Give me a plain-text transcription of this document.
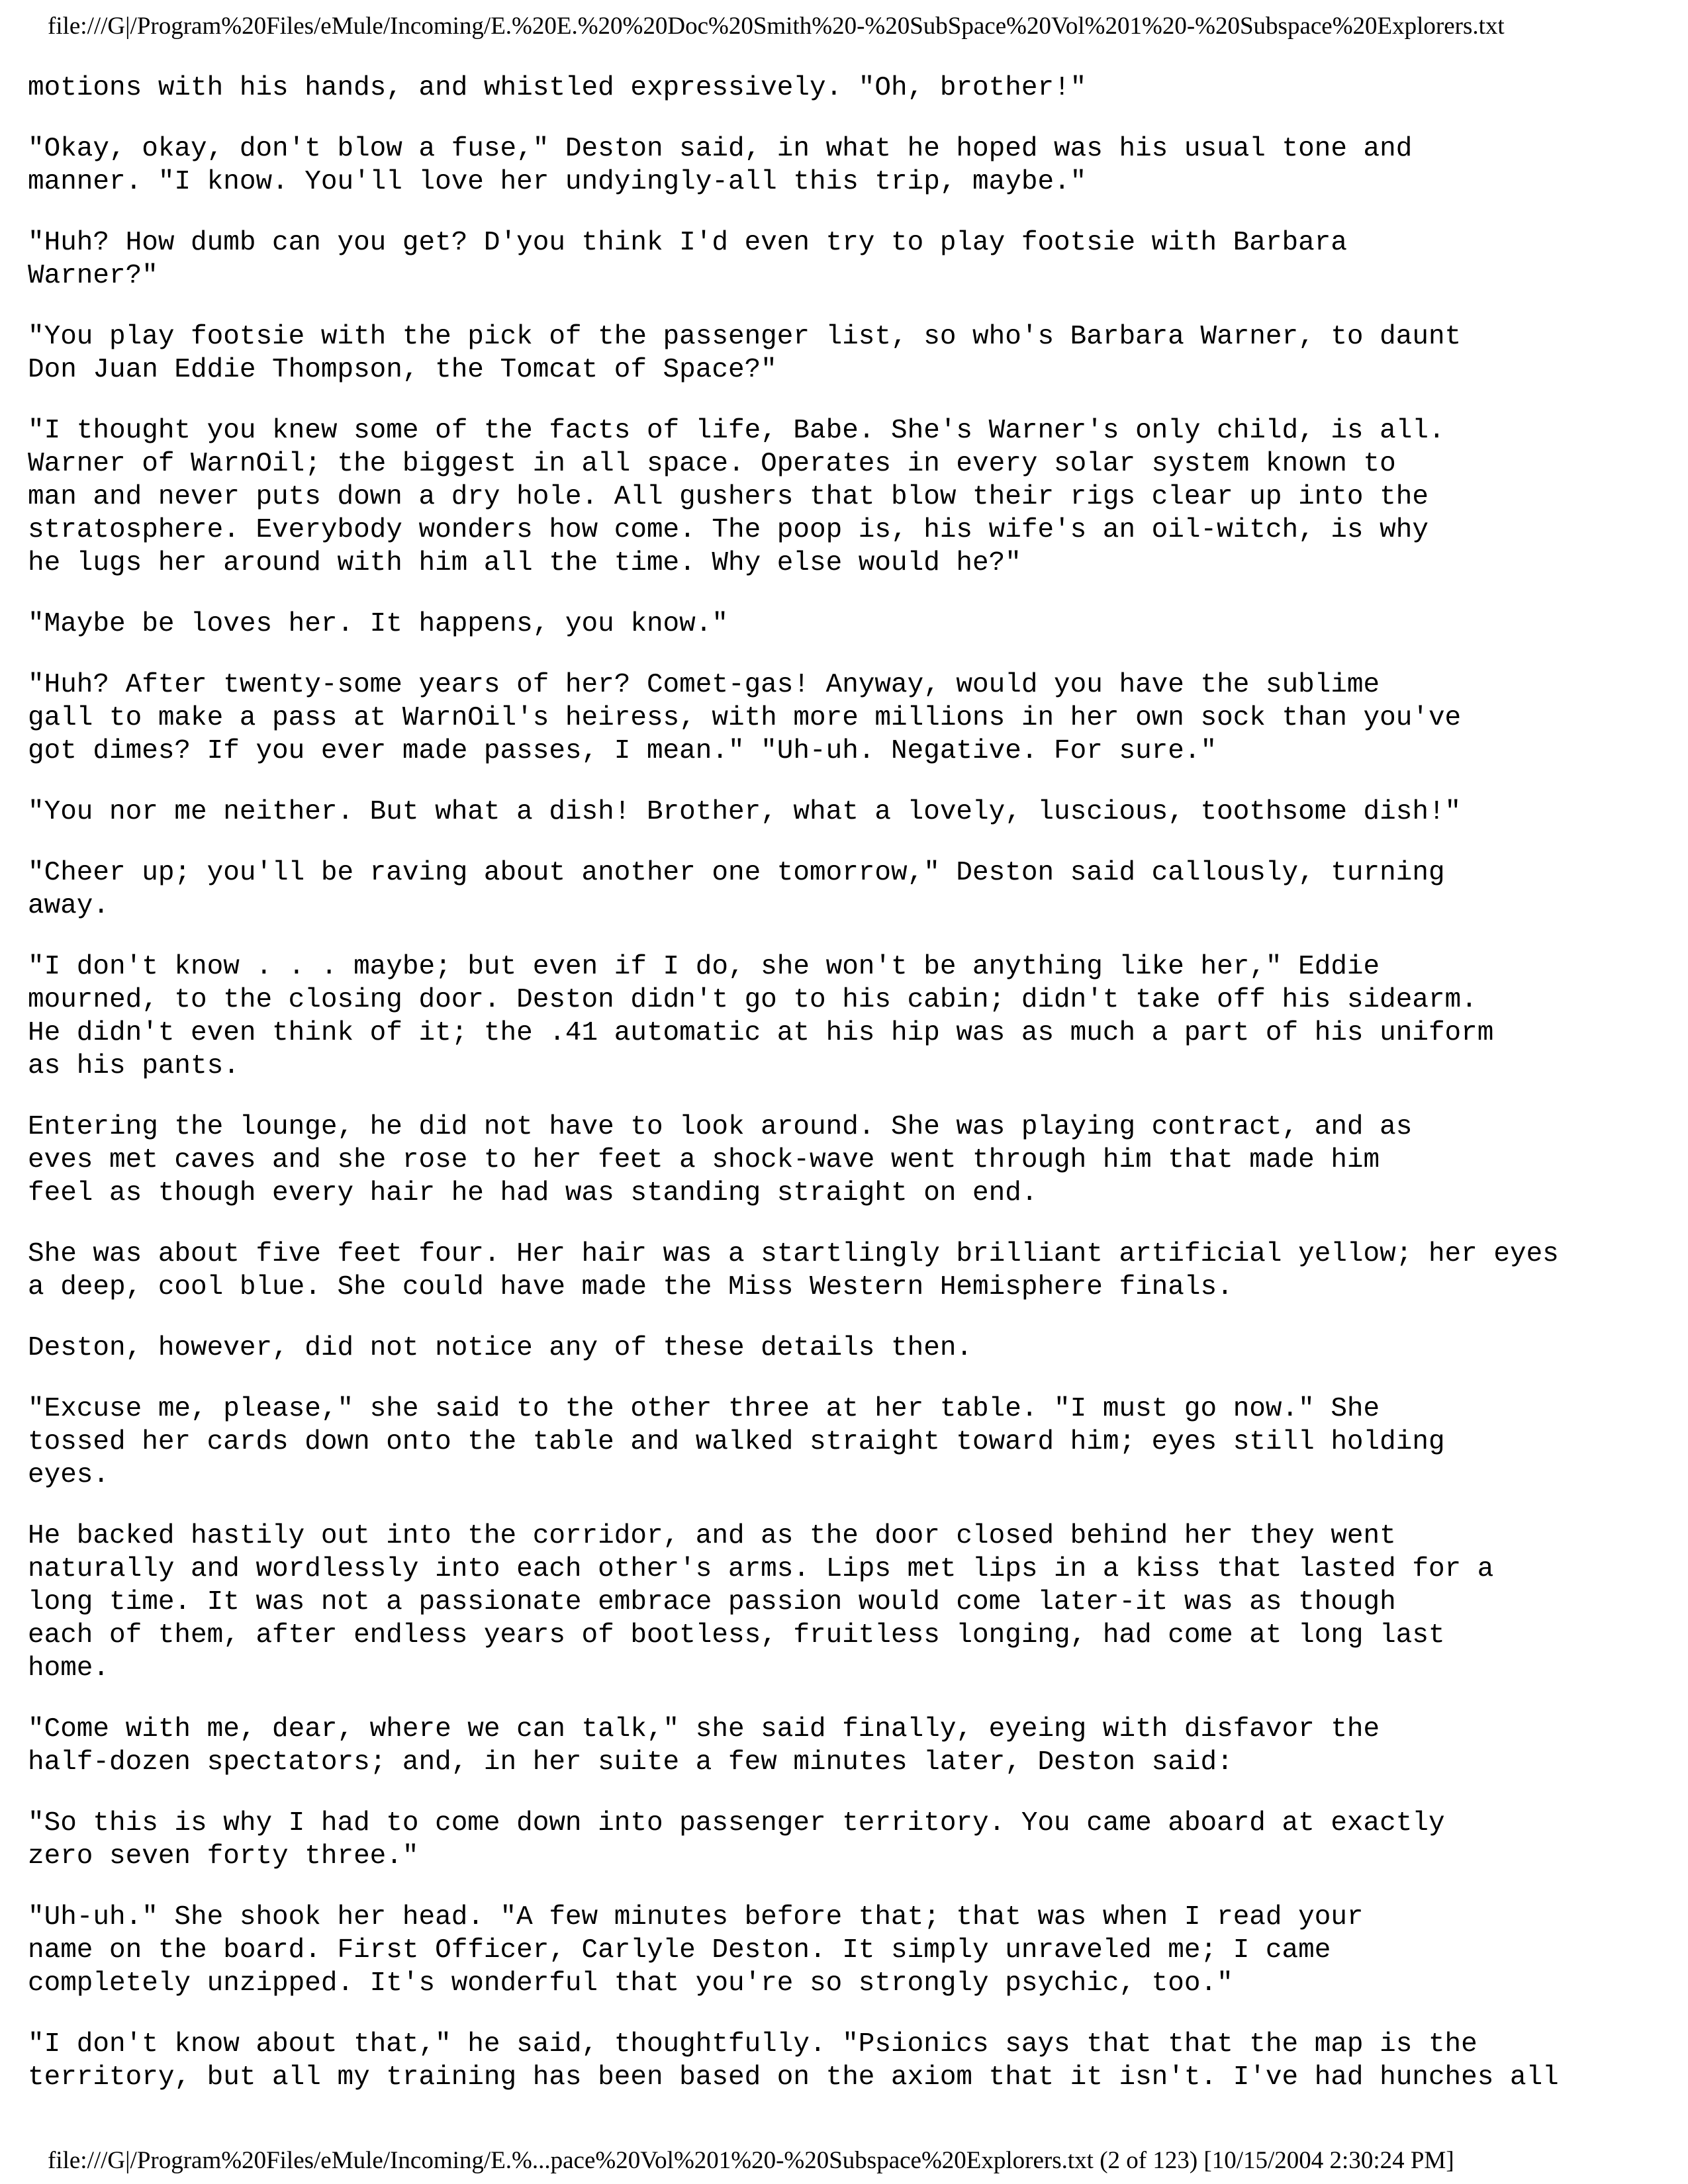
file:///G|/Program%20Files/eMule/Incoming/E.%20E.%20%20Doc%20Smith%20-%20SubSpace%20Vol%201%20-%20Subspace%20Explorers.txt

motions with his hands, and whistled expressively. "Oh, brother!"

"Okay, okay, don't blow a fuse," Deston said, in what he hoped was his usual tone and
manner. "I know. You'll love her undyingly-all this trip, maybe."

"Huh? How dumb can you get? D'you think I'd even try to play footsie with Barbara
Warner?"

"You play footsie with the pick of the passenger list, so who's Barbara Warner, to daunt
Don Juan Eddie Thompson, the Tomcat of Space?"

"I thought you knew some of the facts of life, Babe. She's Warner's only child, is all.
Warner of WarnOil; the biggest in all space. Operates in every solar system known to
man and never puts down a dry hole. All gushers that blow their rigs clear up into the
stratosphere. Everybody wonders how come. The poop is, his wife's an oil-witch, is why
he lugs her around with him all the time. Why else would he?"

"Maybe be loves her. It happens, you know."

"Huh? After twenty-some years of her? Comet-gas! Anyway, would you have the sublime
gall to make a pass at WarnOil's heiress, with more millions in her own sock than you've
got dimes? If you ever made passes, I mean." "Uh-uh. Negative. For sure."

"You nor me neither. But what a dish! Brother, what a lovely, luscious, toothsome dish!"

"Cheer up; you'll be raving about another one tomorrow," Deston said callously, turning
away.

"I don't know . . . maybe; but even if I do, she won't be anything like her," Eddie
mourned, to the closing door. Deston didn't go to his cabin; didn't take off his sidearm.
He didn't even think of it; the .41 automatic at his hip was as much a part of his uniform
as his pants.

Entering the lounge, he did not have to look around. She was playing contract, and as
eves met caves and she rose to her feet a shock-wave went through him that made him
feel as though every hair he had was standing straight on end.

She was about five feet four. Her hair was a startlingly brilliant artificial yellow; her eyes
a deep, cool blue. She could have made the Miss Western Hemisphere finals.

Deston, however, did not notice any of these details then.

"Excuse me, please," she said to the other three at her table. "I must go now." She
tossed her cards down onto the table and walked straight toward him; eyes still holding
eyes.

He backed hastily out into the corridor, and as the door closed behind her they went
naturally and wordlessly into each other's arms. Lips met lips in a kiss that lasted for a
long time. It was not a passionate embrace passion would come later-it was as though
each of them, after endless years of bootless, fruitless longing, had come at long last
home.

"Come with me, dear, where we can talk," she said finally, eyeing with disfavor the
half-dozen spectators; and, in her suite a few minutes later, Deston said:

"So this is why I had to come down into passenger territory. You came aboard at exactly
zero seven forty three."

"Uh-uh." She shook her head. "A few minutes before that; that was when I read your
name on the board. First Officer, Carlyle Deston. It simply unraveled me; I came
completely unzipped. It's wonderful that you're so strongly psychic, too."

"I don't know about that," he said, thoughtfully. "Psionics says that that the map is the
territory, but all my training has been based on the axiom that it isn't. I've had hunches all

file:///G|/Program%20Files/eMule/Incoming/E.%...pace%20Vol%201%20-%20Subspace%20Explorers.txt (2 of 123) [10/15/2004 2:30:24 PM]
